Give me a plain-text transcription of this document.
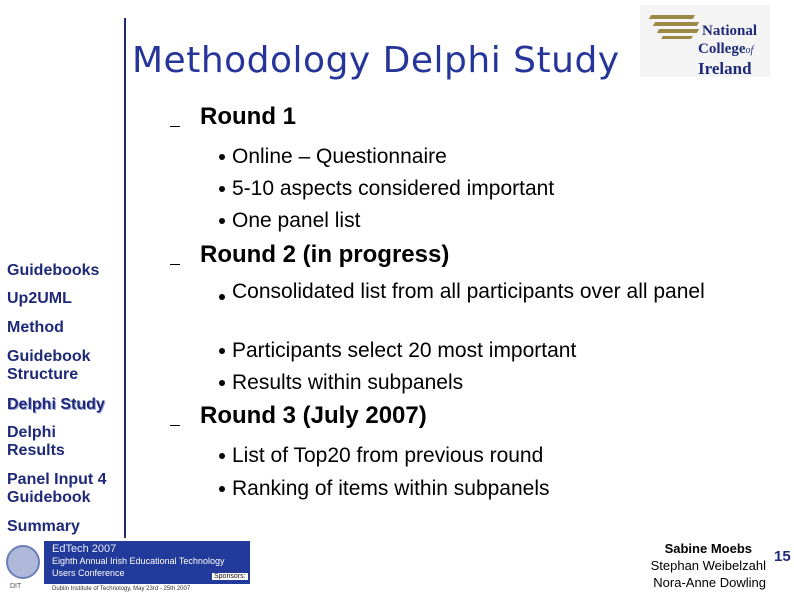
Methodology Delphi Study
National
Collegeof
Ireland
Guidebooks
Up2UML
Method
Guidebook Structure
Delphi Study
Delphi Results
Panel Input 4 Guidebook
Summary
Round 1
Online – Questionnaire
5-10 aspects considered important
One panel list
Round 2 (in progress)
Consolidated list from all participants over all panel
Participants select 20 most important
Results within subpanels
Round 3 (July 2007)
List of Top20 from previous round
Ranking of items within subpanels
DIT
EdTech 2007
Eighth Annual Irish Educational Technology
Users Conference
Dublin Institute of Technology, May 23rd - 25th 2007
Sponsors:
Sabine Moebs
Stephan Weibelzahl
Nora-Anne Dowling
15
